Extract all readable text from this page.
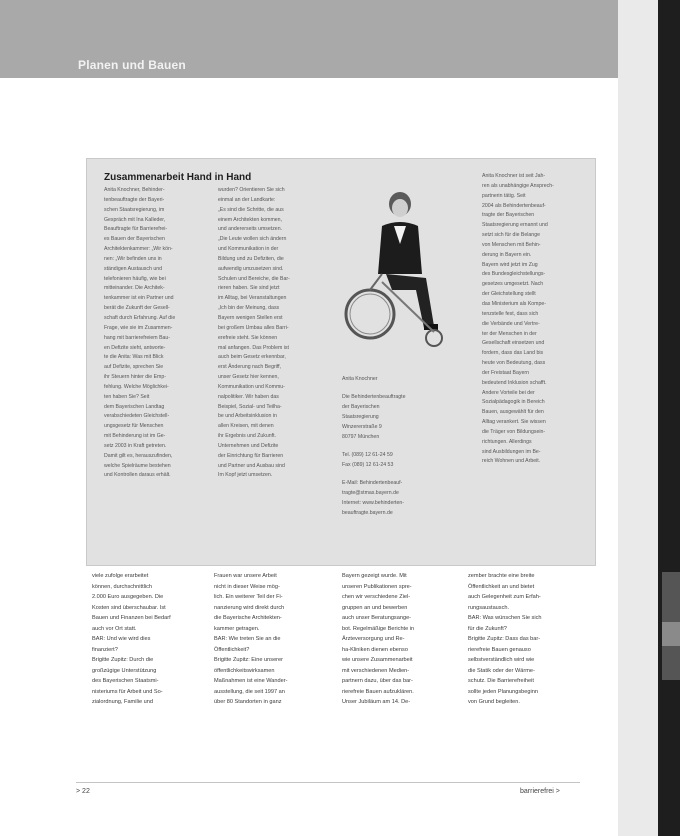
Planen und Bauen
Zusammenarbeit Hand in Hand

Anita Knochner, Behinder-

tenbeauftragte der Bayeri-

schen Staatsregierung, im

Gespräch mit Ina Kalleder,

Beauftragte für Barrierefrei-

es Bauen der Bayerischen

Architektenkammer: „Wir kön-

nen: „Wir befinden uns in

ständigen Austausch und

telefonieren häufig, wie bei

mitteinander. Die Architek-

tenkammer ist ein Partner und

berät die Zukunft der Gesell-

schaft durch Erfahrung. Auf die

Frage, wie sie im Zusammen-

hang mit barrierefreiem Bau-

en Defizite sieht, antworte-

te die Anita: Was mit Blick

auf Defizite, sprechen Sie

ihr Steuern hinter die Emp-

fehlung. Welche Möglichkei-

ten haben Sie? Seit

dem Bayerischen Landtag

verabschiedeten Gleichstell-

ungsgesetz für Menschen

mit Behinderung ist im Ge-

setz 2003 in Kraft getreten.

Damit gilt es, herauszufinden,

welche Spielräume bestehen

und Kontrollen daraus erhält.

wurden? Orientieren Sie sich

einmal an der Landkarte:

„Es sind die Schritte, die aus

einem Architekten kommen,

und andererseits umsetzen.

„Die Leute wollen sich ändern

und Kommunikation in der

Bildung und zu Defiziten, die

aufwendig umzusetzen sind.

Schulen und Bereiche, die Bar-

rieren haben. Sie sind jetzt

im Alltag, bei Veranstaltungen

„Ich bin der Meinung, dass

Bayern wenigen Stellen erst

bei großem Umbau alles Barri-

erefreie steht. Sie können

mal anfangen. Das Problem ist

auch beim Gesetz erkennbar,

erst Änderung nach Begriff,

unser Gesetz hier kennen,

Kommunikation und Kommu-

nalpolitiker. Wir haben das

Beispiel, Sozial- und Teilha-

be und Arbeitsinklusion in

allen Kreisen, mit denen

ihr Ergebnis und Zukunft.

Unternehmen und Defizite

der Einrichtung für Barrieren

und Partner und Ausbau sind

Im Kopf jetzt umsetzen.

Anita Knochner

Die Behindertenbeauftragte

der Bayerischen

Staatsregierung

Winzererstraße 9

80797 München

Tel. (089) 12 61-24 59

Fax (089) 12 61-24 53

E-Mail: Behindertenbeauf-

tragte@stmas.bayern.de

Internet: www.behinderten-

beauftragte.bayern.de

Anita Knochner ist seit Jah-

ren als unabhängige Ansprech-

partnerin tätig. Seit

2004 als Behindertenbeauf-

tragte der Bayerischen

Staatsregierung ernannt und

setzt sich für die Belange

von Menschen mit Behin-

derung in Bayern ein.

Bayern wird jetzt im Zug

des Bundesgleichstellungs-

gesetzes umgesetzt. Nach

der Gleichstellung stellt

das Ministerium als Kompe-

tenzstelle fest, dass sich

die Verbände und Vertre-

ter der Menschen in der

Gesellschaft einsetzen und

fordern, dass das Land bis

heute von Bedeutung, dass

der Freistaat Bayern

bedeutend Inklusion schafft.

Andere Vorteile bei der

Sozialpädagogik in Bereich

Bauen, ausgewählt für den

Alltag verankert. Sie wissen

die Träger von Bildungsein-

richtungen. Allerdings

sind Ausbildungen im Be-

reich Wohnen und Arbeit.

viele zufolge erarbeitet

können, durchschnittlich

2.000 Euro ausgegeben. Die

Kosten sind überschaubar. Ist

Bauen und Finanzen bei Bedarf

auch vor Ort statt.

BAR: Und wie wird dies

finanziert?

Brigitte Zupitz: Durch die

großzügige Unterstützung

des Bayerischen Staatsmi-

nisteriums für Arbeit und So-

zialordnung, Familie und

Frauen war unsere Arbeit

nicht in dieser Weise mög-

lich. Ein weiterer Teil der Fi-

nanzierung wird direkt durch

die Bayerische Architekten-

kammer getragen.

BAR: Wie treten Sie an die

Öffentlichkeit?

Brigitte Zupitz: Eine unserer

öffentlichkeitswirksamen

Maßnahmen ist eine Wander-

ausstellung, die seit 1997 an

über 80 Standorten in ganz

Bayern gezeigt wurde. Mit

unseren Publikationen spre-

chen wir verschiedene Ziel-

gruppen an und bewerben

auch unser Beratungsange-

bot. Regelmäßige Berichte in

Ärzteversorgung und Re-

ha-Kliniken dienen ebenso

wie unsere Zusammenarbeit

mit verschiedenen Medien-

partnern dazu, über das bar-

rierefreie Bauen aufzuklären.

Unser Jubiläum am 14. De-

zember brachte eine breite

Öffentlichkeit an und bietet

auch Gelegenheit zum Erfah-

rungsaustausch.

BAR: Was wünschen Sie sich

für die Zukunft?

Brigitte Zupitz: Dass das bar-

rierefreie Bauen genauso

selbstverständlich wird wie

die Statik oder der Wärme-

schutz. Die Barrierefreiheit

sollte jeden Planungsbeginn

von Grund begleiten.

> 22	barrierefrei >
